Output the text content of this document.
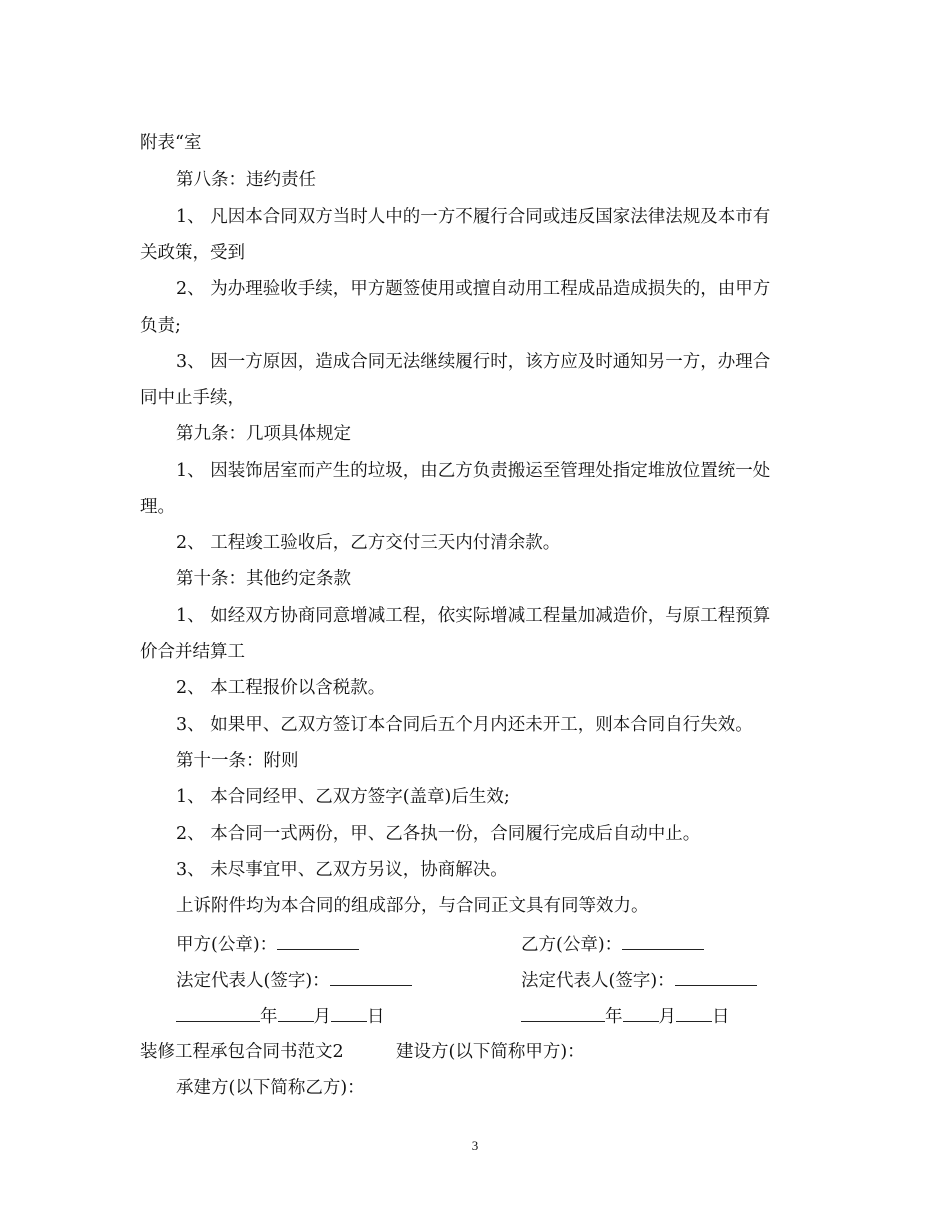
附表“室
第八条：违约责任
1、 凡因本合同双方当时人中的一方不履行合同或违反国家法律法规及本市有
关政策，受到
2、 为办理验收手续，甲方题签使用或擅自动用工程成品造成损失的，由甲方
负责;
3、 因一方原因，造成合同无法继续履行时，该方应及时通知另一方，办理合
同中止手续，
第九条：几项具体规定
1、 因装饰居室而产生的垃圾，由乙方负责搬运至管理处指定堆放位置统一处
理。
2、 工程竣工验收后，乙方交付三天内付清余款。
第十条：其他约定条款
1、 如经双方协商同意增减工程，依实际增减工程量加减造价，与原工程预算
价合并结算工
2、 本工程报价以含税款。
3、 如果甲、乙双方签订本合同后五个月内还未开工，则本合同自行失效。
第十一条：附则
1、 本合同经甲、乙双方签字(盖章)后生效;
2、 本合同一式两份，甲、乙各执一份，合同履行完成后自动中止。
3、 未尽事宜甲、乙双方另议，协商解决。
上诉附件均为本合同的组成部分，与合同正文具有同等效力。
甲方(公章)：	乙方(公章)：
法定代表人(签字)：	法定代表人(签字)：
年 月 日	年 月 日
装修工程承包合同书范文2	建设方(以下简称甲方)：
承建方(以下简称乙方)：
3
